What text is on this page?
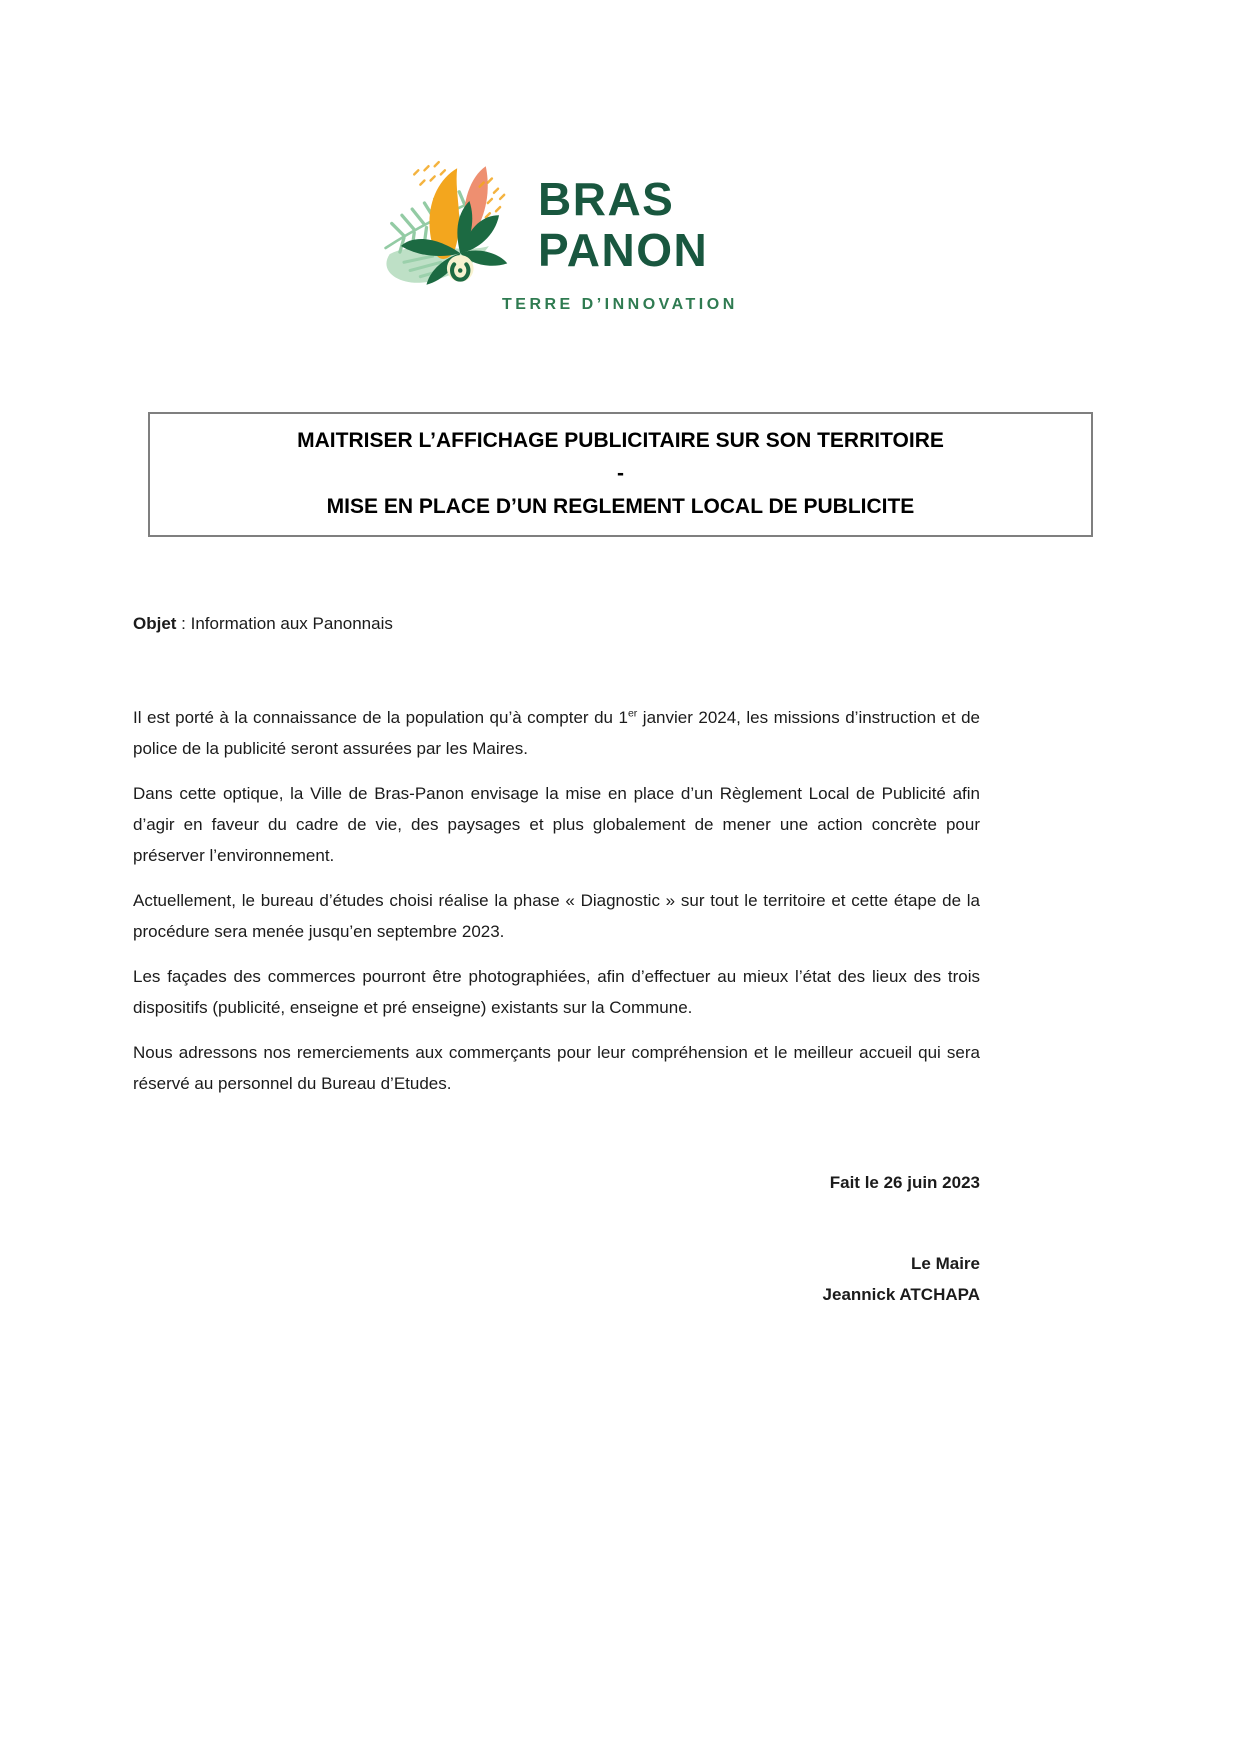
BRAS
PANON
TERRE D’INNOVATION
MAITRISER L’AFFICHAGE PUBLICITAIRE SUR SON TERRITOIRE
-
MISE EN PLACE D’UN REGLEMENT LOCAL DE PUBLICITE

Objet : Information aux Panonnais

Il est porté à la connaissance de la population qu’à compter du 1er janvier 2024, les missions d’instruction et de police de la publicité seront assurées par les Maires.

Dans cette optique, la Ville de Bras-Panon envisage la mise en place d’un Règlement Local de Publicité afin d’agir en faveur du cadre de vie, des paysages et plus globalement de mener une action concrète pour préserver l’environnement.

Actuellement, le bureau d’études choisi réalise la phase « Diagnostic » sur tout le territoire et cette étape de la procédure sera menée jusqu’en septembre 2023.

Les façades des commerces pourront être photographiées, afin d’effectuer au mieux l’état des lieux des trois dispositifs (publicité, enseigne et pré enseigne) existants sur la Commune.

Nous adressons nos remerciements aux commerçants pour leur compréhension et le meilleur accueil qui sera réservé au personnel du Bureau d’Etudes.

Fait le 26 juin 2023

Le Maire

Jeannick ATCHAPA
